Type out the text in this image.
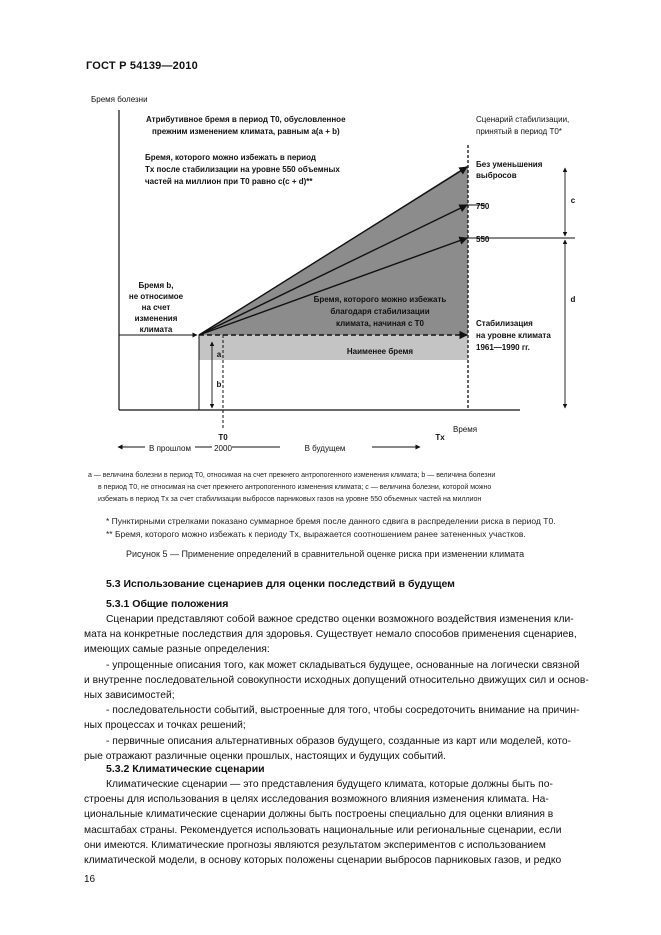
ГОСТ Р 54139—2010
Бремя болезни
Атрибутивное бремя в период T0, обусловленное
прежним изменением климата, равным a(a + b)
Бремя, которого можно избежать в период
Tx после стабилизации на уровне 550 объемных
частей на миллион при T0 равно c(c + d)**
Сценарий стабилизации,
принятый в период T0*
Без уменьшения
выбросов
750
550
Стабилизация
на уровне климата
1961—1990 гг.
Бремя b,
не относимое
на счет
изменения
климата
Бремя, которого можно избежать
благодаря стабилизации
климата, начиная с T0
Наименее бремя
a
b
c
d
T0
2000
Tx
Время
В прошлом	В будущем
a — величина болезни в период T0, относимая на счет прежнего антропогенного изменения климата; b — величина болезни
в период T0, не относимая на счет прежнего антропогенного изменения климата; c — величина болезни, которой можно
избежать в период Tx за счет стабилизации выбросов парниковых газов на уровне 550 объемных частей на миллион
* Пунктирными стрелками показано суммарное бремя после данного сдвига в распределении риска в период T0.
** Бремя, которого можно избежать к периоду Tx, выражается соотношением ранее затененных участков.
Рисунок 5 — Применение определений в сравнительной оценке риска при изменении климата
5.3 Использование сценариев для оценки последствий в будущем
5.3.1 Общие положения
Сценарии представляют собой важное средство оценки возможного воздействия изменения кли-
мата на конкретные последствия для здоровья. Существует немало способов применения сценариев,
имеющих самые разные определения:
- упрощенные описания того, как может складываться будущее, основанные на логически связной
и внутренне последовательной совокупности исходных допущений относительно движущих сил и основ-
ных зависимостей;
- последовательности событий, выстроенные для того, чтобы сосредоточить внимание на причин-
ных процессах и точках решений;
- первичные описания альтернативных образов будущего, созданные из карт или моделей, кото-
рые отражают различные оценки прошлых, настоящих и будущих событий.
5.3.2 Климатические сценарии
Климатические сценарии — это представления будущего климата, которые должны быть по-
строены для использования в целях исследования возможного влияния изменения климата. На-
циональные климатические сценарии должны быть построены специально для оценки влияния в
масштабах страны. Рекомендуется использовать национальные или региональные сценарии, если
они имеются. Климатические прогнозы являются результатом экспериментов с использованием
климатической модели, в основу которых положены сценарии выбросов парниковых газов, и редко
16
